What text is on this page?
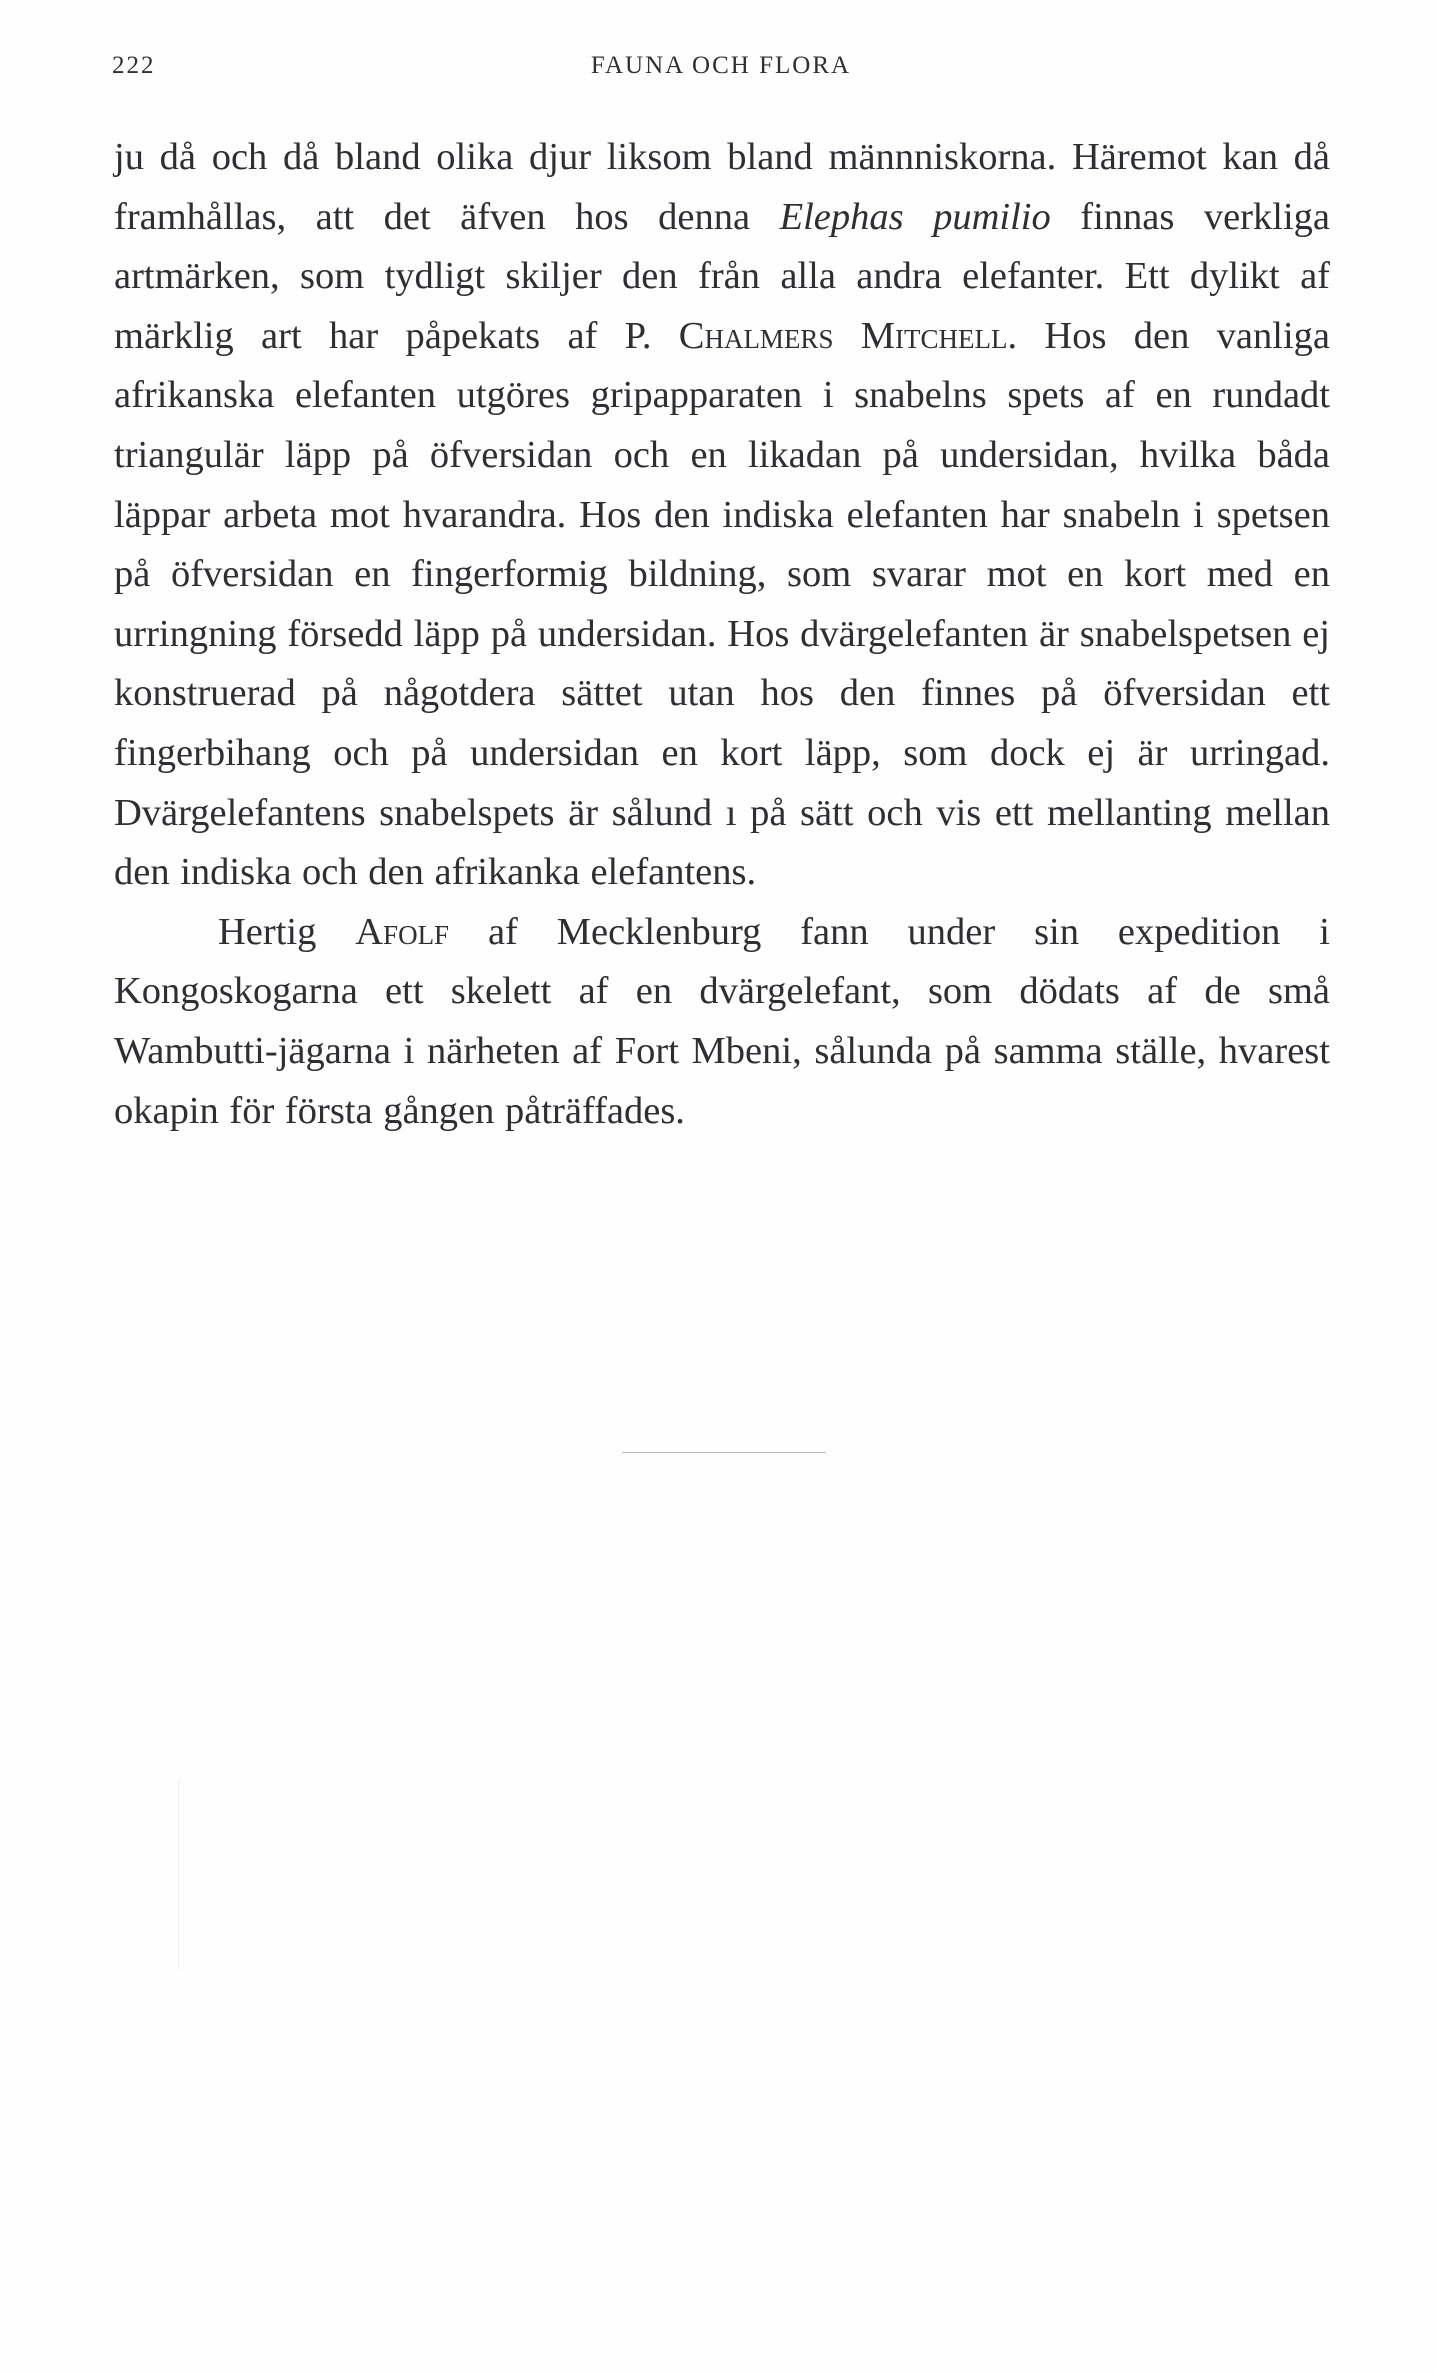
222	FAUNA OCH FLORA

ju då och då bland olika djur liksom bland männniskorna. Häremot kan då framhållas, att det äfven hos denna Elephas pumilio finnas verkliga artmärken, som tydligt skiljer den från alla andra elefanter. Ett dylikt af märklig art har påpekats af P. Chalmers Mitchell. Hos den vanliga afrikanska elefanten utgöres gripapparaten i snabelns spets af en rundadt triangulär läpp på öfversidan och en likadan på undersidan, hvilka båda läppar arbeta mot hvarandra. Hos den indiska elefanten har snabeln i spetsen på öfversidan en fingerformig bildning, som svarar mot en kort med en urringning försedd läpp på undersidan. Hos dvärgelefanten är snabelspetsen ej konstruerad på någotdera sättet utan hos den finnes på öfversidan ett fingerbihang och på undersidan en kort läpp, som dock ej är urringad. Dvärgelefantens snabelspets är sålund ı på sätt och vis ett mellanting mellan den indiska och den afrikanka elefantens.

Hertig Afolf af Mecklenburg fann under sin expedition i Kongoskogarna ett skelett af en dvärgelefant, som dödats af de små Wambutti-jägarna i närheten af Fort Mbeni, sålunda på samma ställe, hvarest okapin för första gången påträffades.
